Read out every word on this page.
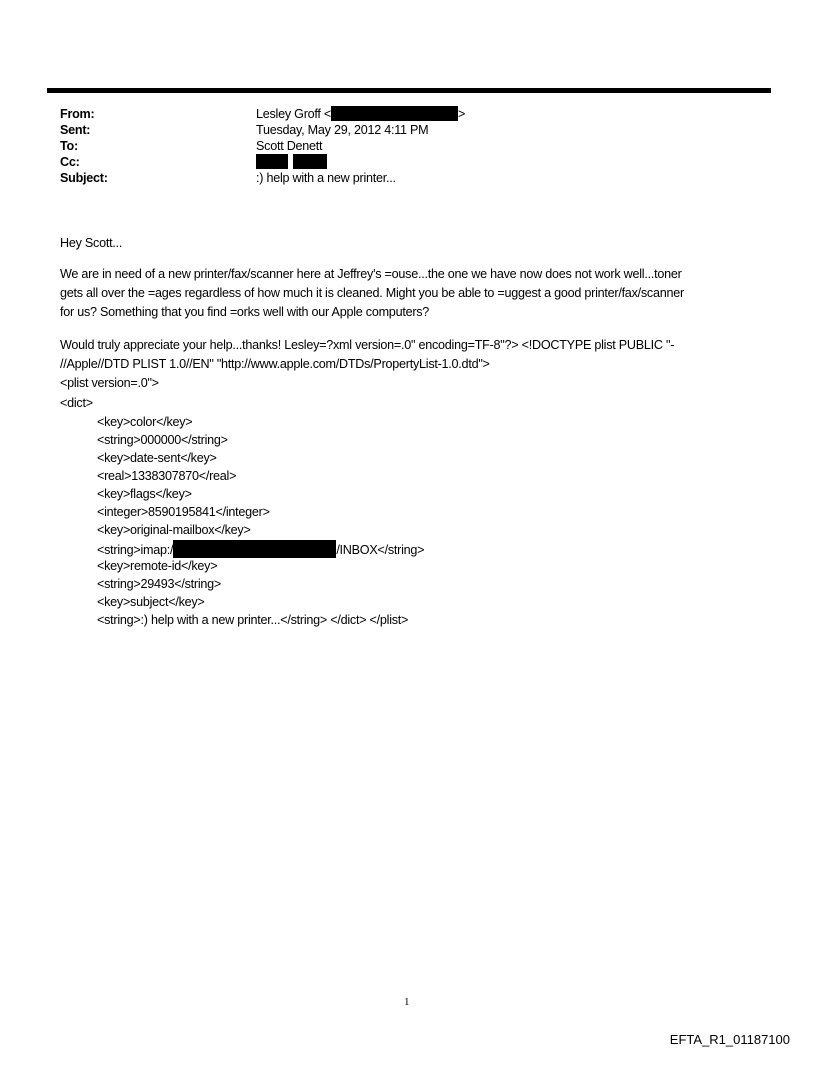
From:	Lesley Groff <	>
Sent:	Tuesday, May 29, 2012 4:11 PM
To:	Scott Denett
Cc:
Subject:	:) help with a new printer...
Hey Scott...
We are in need of a new printer/fax/scanner here at Jeffrey's =ouse...the one we have now does not work well...toner
gets all over the =ages regardless of how much it is cleaned. Might you be able to =uggest a good printer/fax/scanner
for us? Something that you find =orks well with our Apple computers?
Would truly appreciate your help...thanks! Lesley=?xml version=.0" encoding=TF-8"?> <!DOCTYPE plist PUBLIC "-
//Apple//DTD PLIST 1.0//EN" "http://www.apple.com/DTDs/PropertyList-1.0.dtd">
<plist version=.0">
<dict>
<key>color</key>
<string>000000</string>
<key>date-sent</key>
<real>1338307870</real>
<key>flags</key>
<integer>8590195841</integer>
<key>original-mailbox</key>
<string>imap:/	/INBOX</string>
<key>remote-id</key>
<string>29493</string>
<key>subject</key>
<string>:) help with a new printer...</string> </dict> </plist>
1
EFTA_R1_01187100
